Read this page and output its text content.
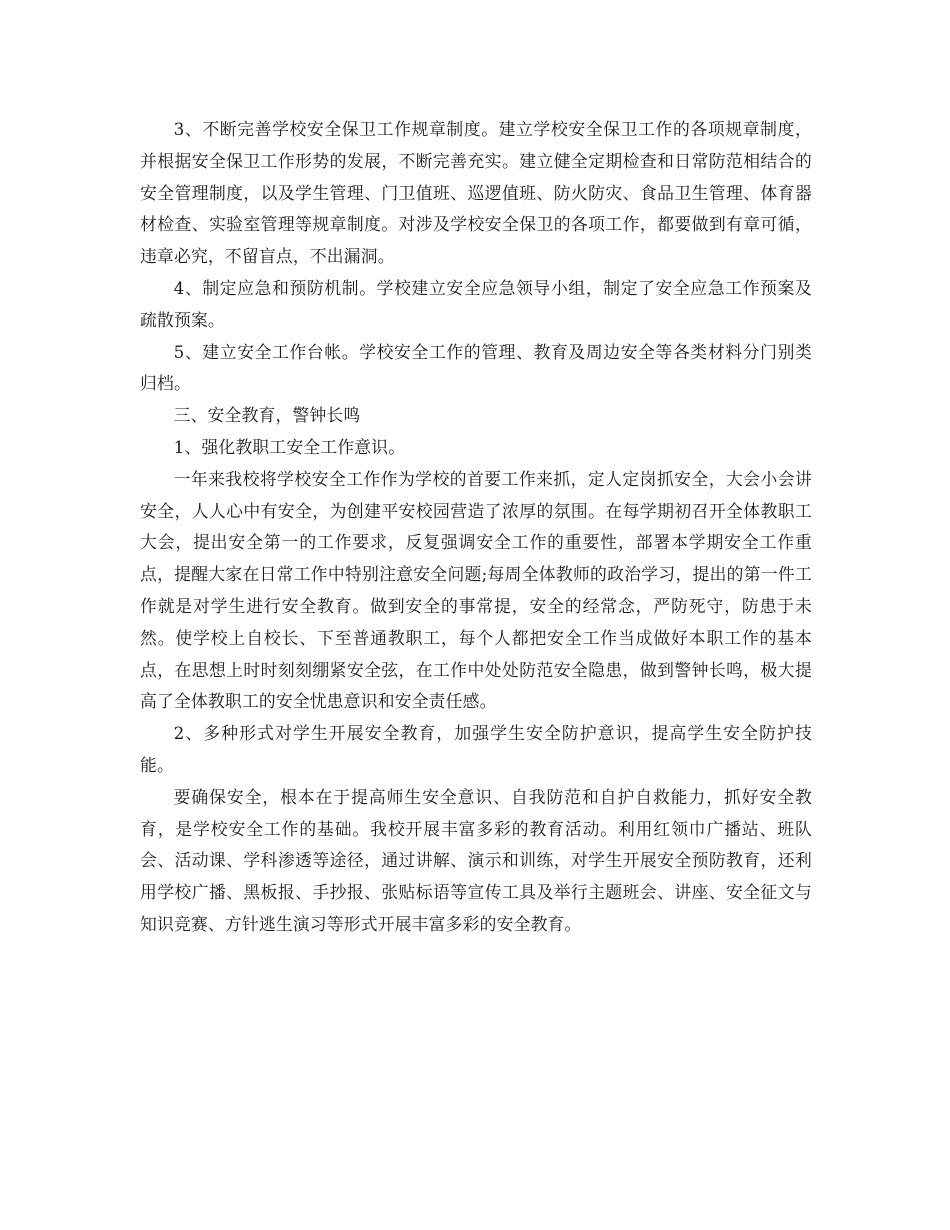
3、不断完善学校安全保卫工作规章制度。建立学校安全保卫工作的各项规章制度，并根据安全保卫工作形势的发展，不断完善充实。建立健全定期检查和日常防范相结合的安全管理制度，以及学生管理、门卫值班、巡逻值班、防火防灾、食品卫生管理、体育器材检查、实验室管理等规章制度。对涉及学校安全保卫的各项工作，都要做到有章可循，违章必究，不留盲点，不出漏洞。

4、制定应急和预防机制。学校建立安全应急领导小组，制定了安全应急工作预案及疏散预案。

5、建立安全工作台帐。学校安全工作的管理、教育及周边安全等各类材料分门别类归档。

三、安全教育，警钟长鸣

1、强化教职工安全工作意识。

一年来我校将学校安全工作作为学校的首要工作来抓，定人定岗抓安全，大会小会讲安全，人人心中有安全，为创建平安校园营造了浓厚的氛围。在每学期初召开全体教职工大会，提出安全第一的工作要求，反复强调安全工作的重要性，部署本学期安全工作重点，提醒大家在日常工作中特别注意安全问题;每周全体教师的政治学习，提出的第一件工作就是对学生进行安全教育。做到安全的事常提，安全的经常念，严防死守，防患于未然。使学校上自校长、下至普通教职工，每个人都把安全工作当成做好本职工作的基本点，在思想上时时刻刻绷紧安全弦，在工作中处处防范安全隐患，做到警钟长鸣，极大提高了全体教职工的安全忧患意识和安全责任感。

2、多种形式对学生开展安全教育，加强学生安全防护意识，提高学生安全防护技能。

要确保安全，根本在于提高师生安全意识、自我防范和自护自救能力，抓好安全教育，是学校安全工作的基础。我校开展丰富多彩的教育活动。利用红领巾广播站、班队会、活动课、学科渗透等途径，通过讲解、演示和训练，对学生开展安全预防教育，还利用学校广播、黑板报、手抄报、张贴标语等宣传工具及举行主题班会、讲座、安全征文与知识竞赛、方针逃生演习等形式开展丰富多彩的安全教育。
